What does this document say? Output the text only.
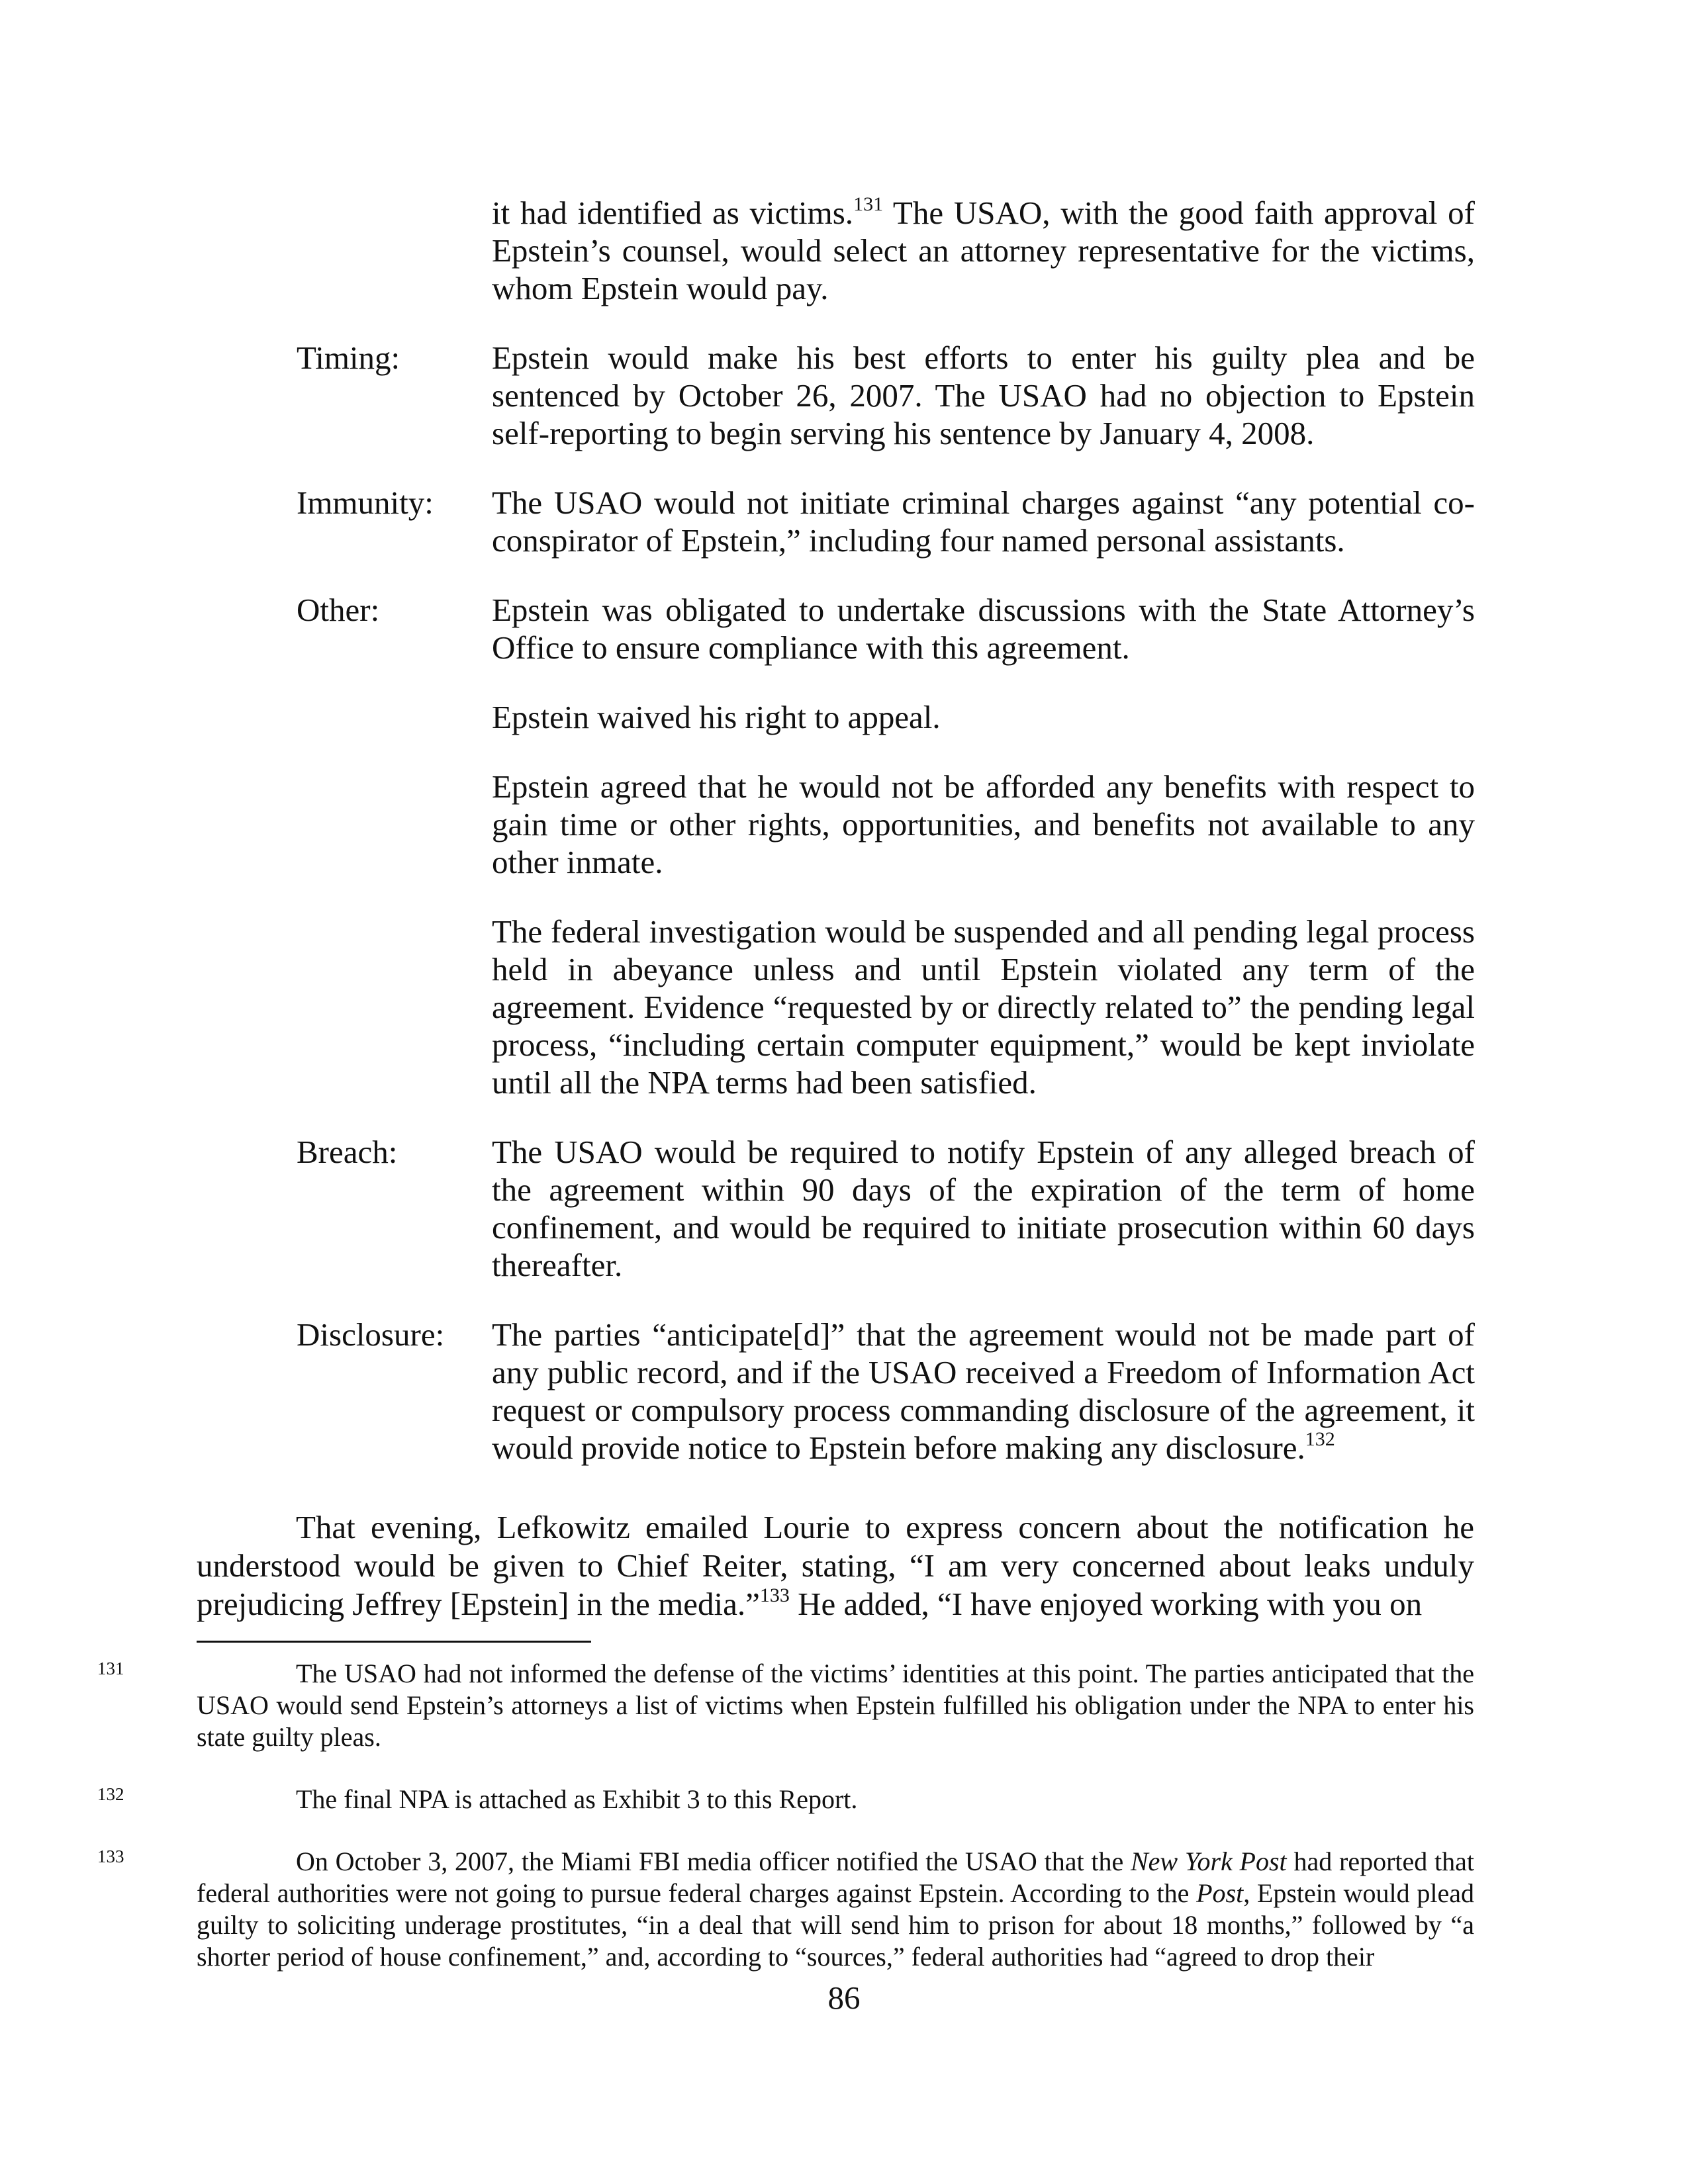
it had identified as victims.$^{131}$ The USAO, with the good faith approval of Epstein’s counsel, would select an attorney representative for the victims, whom Epstein would pay.

Timing:	Epstein would make his best efforts to enter his guilty plea and be sentenced by October 26, 2007. The USAO had no objection to Epstein self-reporting to begin serving his sentence by January 4, 2008.

Immunity:	The USAO would not initiate criminal charges against “any potential co-conspirator of Epstein,” including four named personal assistants.

Other:	Epstein was obligated to undertake discussions with the State Attorney’s Office to ensure compliance with this agreement.

Epstein waived his right to appeal.

Epstein agreed that he would not be afforded any benefits with respect to gain time or other rights, opportunities, and benefits not available to any other inmate.

The federal investigation would be suspended and all pending legal process held in abeyance unless and until Epstein violated any term of the agreement. Evidence “requested by or directly related to” the pending legal process, “including certain computer equipment,” would be kept inviolate until all the NPA terms had been satisfied.

Breach:	The USAO would be required to notify Epstein of any alleged breach of the agreement within 90 days of the expiration of the term of home confinement, and would be required to initiate prosecution within 60 days thereafter.

Disclosure:	The parties “anticipate[d]” that the agreement would not be made part of any public record, and if the USAO received a Freedom of Information Act request or compulsory process commanding disclosure of the agreement, it would provide notice to Epstein before making any disclosure.$^{132}$

That evening, Lefkowitz emailed Lourie to express concern about the notification he understood would be given to Chief Reiter, stating, “I am very concerned about leaks unduly prejudicing Jeffrey [Epstein] in the media.”$^{133}$ He added, “I have enjoyed working with you on

131	The USAO had not informed the defense of the victims’ identities at this point. The parties anticipated that the USAO would send Epstein’s attorneys a list of victims when Epstein fulfilled his obligation under the NPA to enter his state guilty pleas.

132	The final NPA is attached as Exhibit 3 to this Report.

133	On October 3, 2007, the Miami FBI media officer notified the USAO that the New York Post had reported that federal authorities were not going to pursue federal charges against Epstein. According to the Post, Epstein would plead guilty to soliciting underage prostitutes, “in a deal that will send him to prison for about 18 months,” followed by “a shorter period of house confinement,” and, according to “sources,” federal authorities had “agreed to drop their

86
